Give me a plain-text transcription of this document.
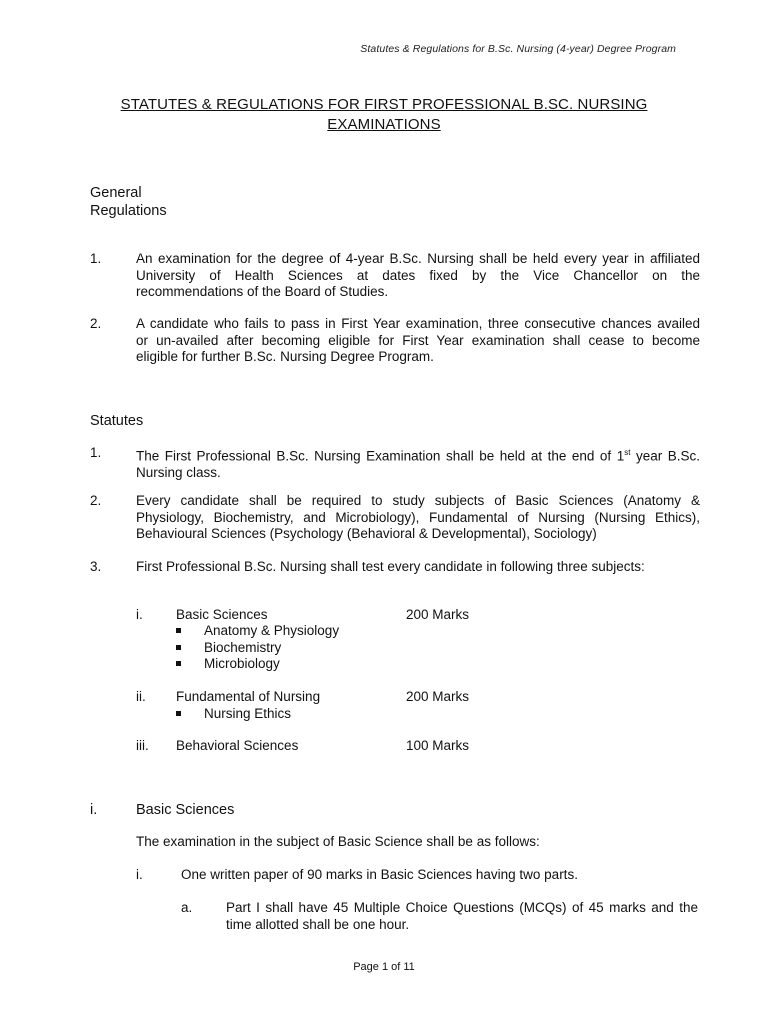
Statutes & Regulations for B.Sc. Nursing (4-year) Degree Program
STATUTES & REGULATIONS FOR FIRST PROFESSIONAL B.SC. NURSING
EXAMINATIONS
General
Regulations
1.	An examination for the degree of 4-year B.Sc. Nursing shall be held every year in affiliated
University of Health Sciences at dates fixed by the Vice Chancellor on the
recommendations of the Board of Studies.
2.	A candidate who fails to pass in First Year examination, three consecutive chances availed
or un-availed after becoming eligible for First Year examination shall cease to become
eligible for further B.Sc. Nursing Degree Program.
Statutes
1.	The First Professional B.Sc. Nursing Examination shall be held at the end of 1st year B.Sc.
Nursing class.
2.	Every candidate shall be required to study subjects of Basic Sciences (Anatomy &
Physiology, Biochemistry, and Microbiology), Fundamental of Nursing (Nursing Ethics),
Behavioural Sciences (Psychology (Behavioral & Developmental), Sociology)
3.	First Professional B.Sc. Nursing shall test every candidate in following three subjects:
i. Basic Sciences	200 Marks
Anatomy & Physiology
Biochemistry
Microbiology
ii. Fundamental of Nursing	200 Marks
Nursing Ethics
iii. Behavioral Sciences	100 Marks
i.	Basic Sciences
The examination in the subject of Basic Science shall be as follows:
i.	One written paper of 90 marks in Basic Sciences having two parts.
a. Part I shall have 45 Multiple Choice Questions (MCQs) of 45 marks and the
time allotted shall be one hour.
Page 1 of 11
